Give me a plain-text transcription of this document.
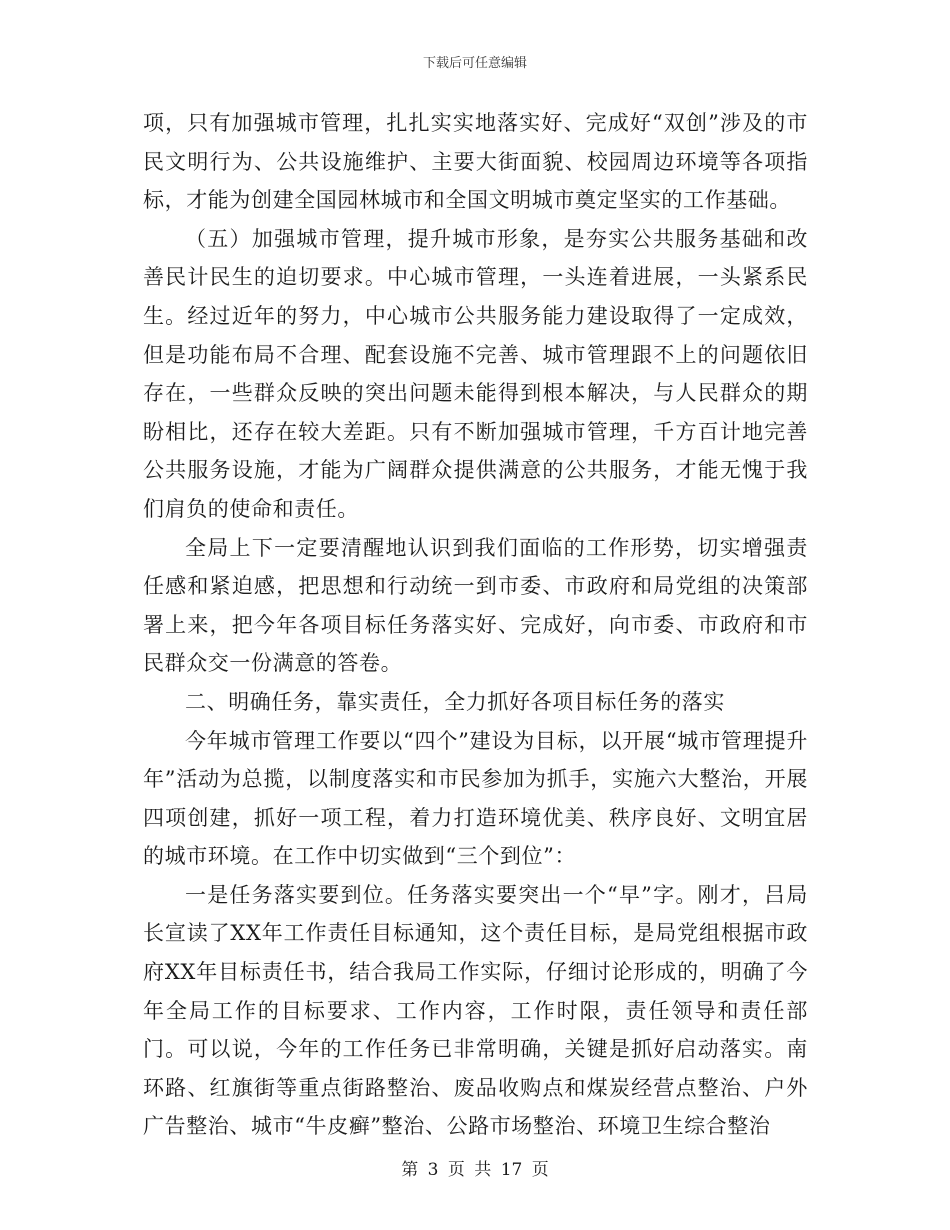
下载后可任意编辑

项，只有加强城市管理，扎扎实实地落实好、完成好“双创”涉及的市民文明行为、公共设施维护、主要大街面貌、校园周边环境等各项指标，才能为创建全国园林城市和全国文明城市奠定坚实的工作基础。

（五）加强城市管理，提升城市形象，是夯实公共服务基础和改善民计民生的迫切要求。中心城市管理，一头连着进展，一头紧系民生。经过近年的努力，中心城市公共服务能力建设取得了一定成效，但是功能布局不合理、配套设施不完善、城市管理跟不上的问题依旧存在，一些群众反映的突出问题未能得到根本解决，与人民群众的期盼相比，还存在较大差距。只有不断加强城市管理，千方百计地完善公共服务设施，才能为广阔群众提供满意的公共服务，才能无愧于我们肩负的使命和责任。

全局上下一定要清醒地认识到我们面临的工作形势，切实增强责任感和紧迫感，把思想和行动统一到市委、市政府和局党组的决策部署上来，把今年各项目标任务落实好、完成好，向市委、市政府和市民群众交一份满意的答卷。

二、明确任务，靠实责任，全力抓好各项目标任务的落实

今年城市管理工作要以“四个”建设为目标，以开展“城市管理提升年”活动为总揽，以制度落实和市民参加为抓手，实施六大整治，开展四项创建，抓好一项工程，着力打造环境优美、秩序良好、文明宜居的城市环境。在工作中切实做到“三个到位”：

一是任务落实要到位。任务落实要突出一个“早”字。刚才，吕局长宣读了XX年工作责任目标通知，这个责任目标，是局党组根据市政府XX年目标责任书，结合我局工作实际，仔细讨论形成的，明确了今年全局工作的目标要求、工作内容，工作时限，责任领导和责任部门。可以说，今年的工作任务已非常明确，关键是抓好启动落实。南环路、红旗街等重点街路整治、废品收购点和煤炭经营点整治、户外广告整治、城市“牛皮癣”整治、公路市场整治、环境卫生综合整治

第 3 页 共 17 页
